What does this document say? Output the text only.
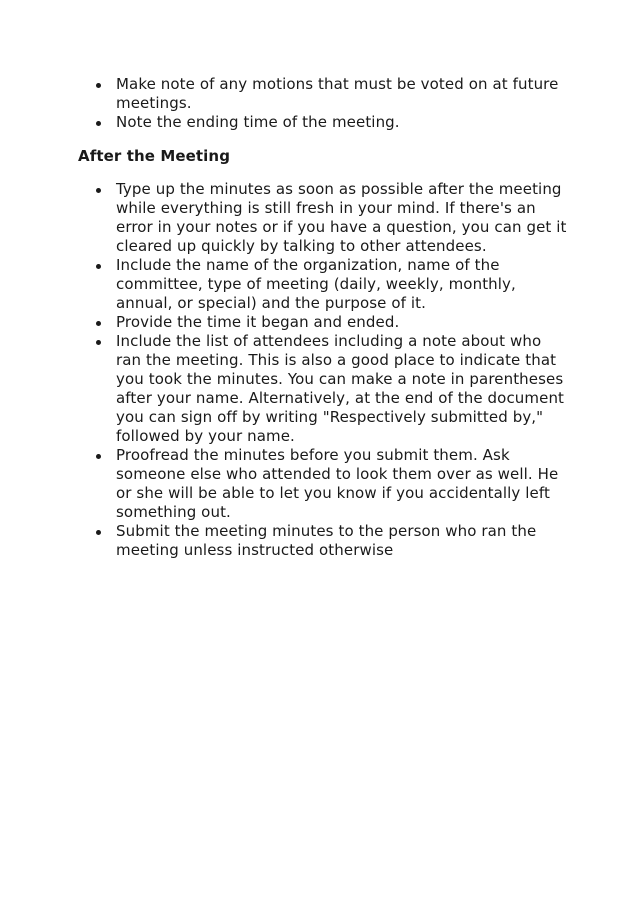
Make note of any motions that must be voted on at future meetings.
Note the ending time of the meeting.
After the Meeting
Type up the minutes as soon as possible after the meeting while everything is still fresh in your mind. If there's an error in your notes or if you have a question, you can get it cleared up quickly by talking to other attendees.
Include the name of the organization, name of the committee, type of meeting (daily, weekly, monthly, annual, or special) and the purpose of it.
Provide the time it began and ended.
Include the list of attendees including a note about who ran the meeting. This is also a good place to indicate that you took the minutes. You can make a note in parentheses after your name. Alternatively, at the end of the document you can sign off by writing "Respectively submitted by," followed by your name.
Proofread the minutes before you submit them. Ask someone else who attended to look them over as well. He or she will be able to let you know if you accidentally left something out.
Submit the meeting minutes to the person who ran the meeting unless instructed otherwise
